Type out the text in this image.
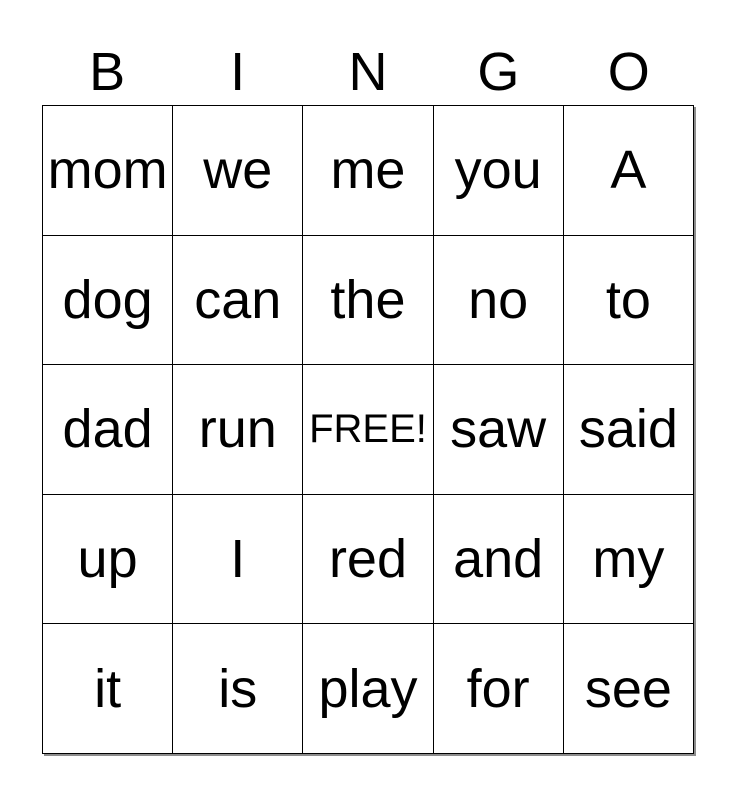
B	I	N	G	O
mom	we	me	you	A
dog	can	the	no	to
dad	run	FREE!	saw	said
up	I	red	and	my
it	is	play	for	see
